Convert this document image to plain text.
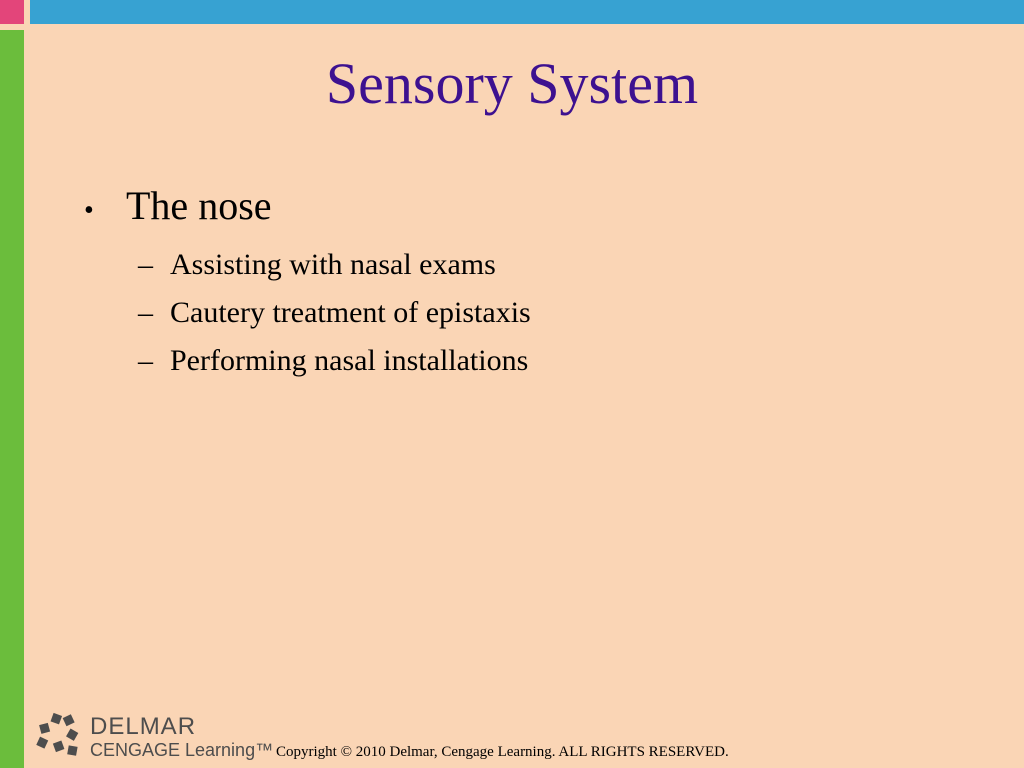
Sensory System
• The nose
– Assisting with nasal exams
– Cautery treatment of epistaxis
– Performing nasal installations
DELMAR
CENGAGE Learning™ Copyright © 2010 Delmar, Cengage Learning. ALL RIGHTS RESERVED.
